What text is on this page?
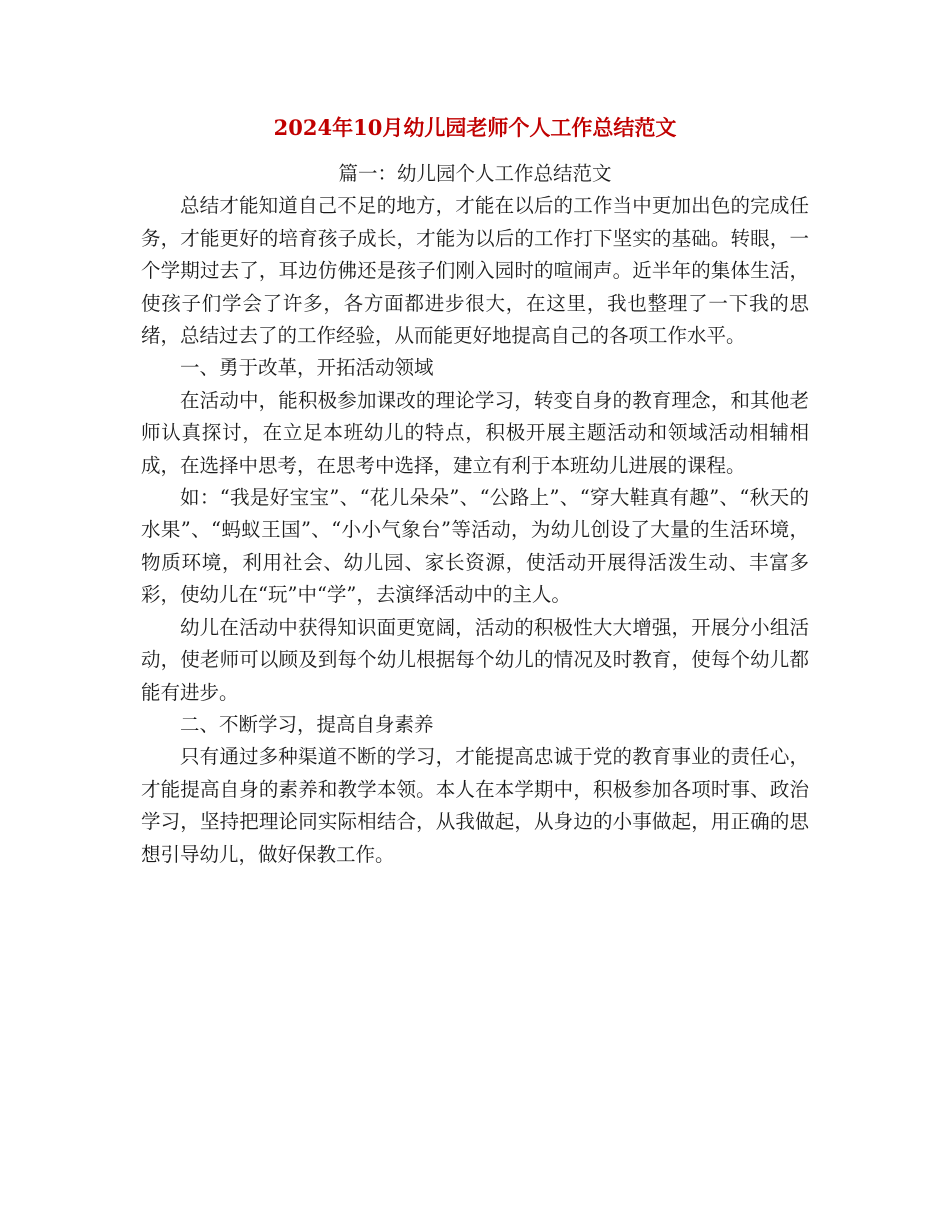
2024年10月幼儿园老师个人工作总结范文

篇一：幼儿园个人工作总结范文

总结才能知道自己不足的地方，才能在以后的工作当中更加出色的完成任务，才能更好的培育孩子成长，才能为以后的工作打下坚实的基础。转眼，一个学期过去了，耳边仿佛还是孩子们刚入园时的喧闹声。近半年的集体生活，使孩子们学会了许多，各方面都进步很大，在这里，我也整理了一下我的思绪，总结过去了的工作经验，从而能更好地提高自己的各项工作水平。

一、勇于改革，开拓活动领域

在活动中，能积极参加课改的理论学习，转变自身的教育理念，和其他老师认真探讨，在立足本班幼儿的特点，积极开展主题活动和领域活动相辅相成，在选择中思考，在思考中选择，建立有利于本班幼儿进展的课程。

如：“我是好宝宝”、“花儿朵朵”、“公路上”、“穿大鞋真有趣”、“秋天的水果”、“蚂蚁王国”、“小小气象台”等活动，为幼儿创设了大量的生活环境，物质环境，利用社会、幼儿园、家长资源，使活动开展得活泼生动、丰富多彩，使幼儿在“玩”中“学”，去演绎活动中的主人。

幼儿在活动中获得知识面更宽阔，活动的积极性大大增强，开展分小组活动，使老师可以顾及到每个幼儿根据每个幼儿的情况及时教育，使每个幼儿都能有进步。

二、不断学习，提高自身素养

只有通过多种渠道不断的学习，才能提高忠诚于党的教育事业的责任心，才能提高自身的素养和教学本领。本人在本学期中，积极参加各项时事、政治学习，坚持把理论同实际相结合，从我做起，从身边的小事做起，用正确的思想引导幼儿，做好保教工作。
